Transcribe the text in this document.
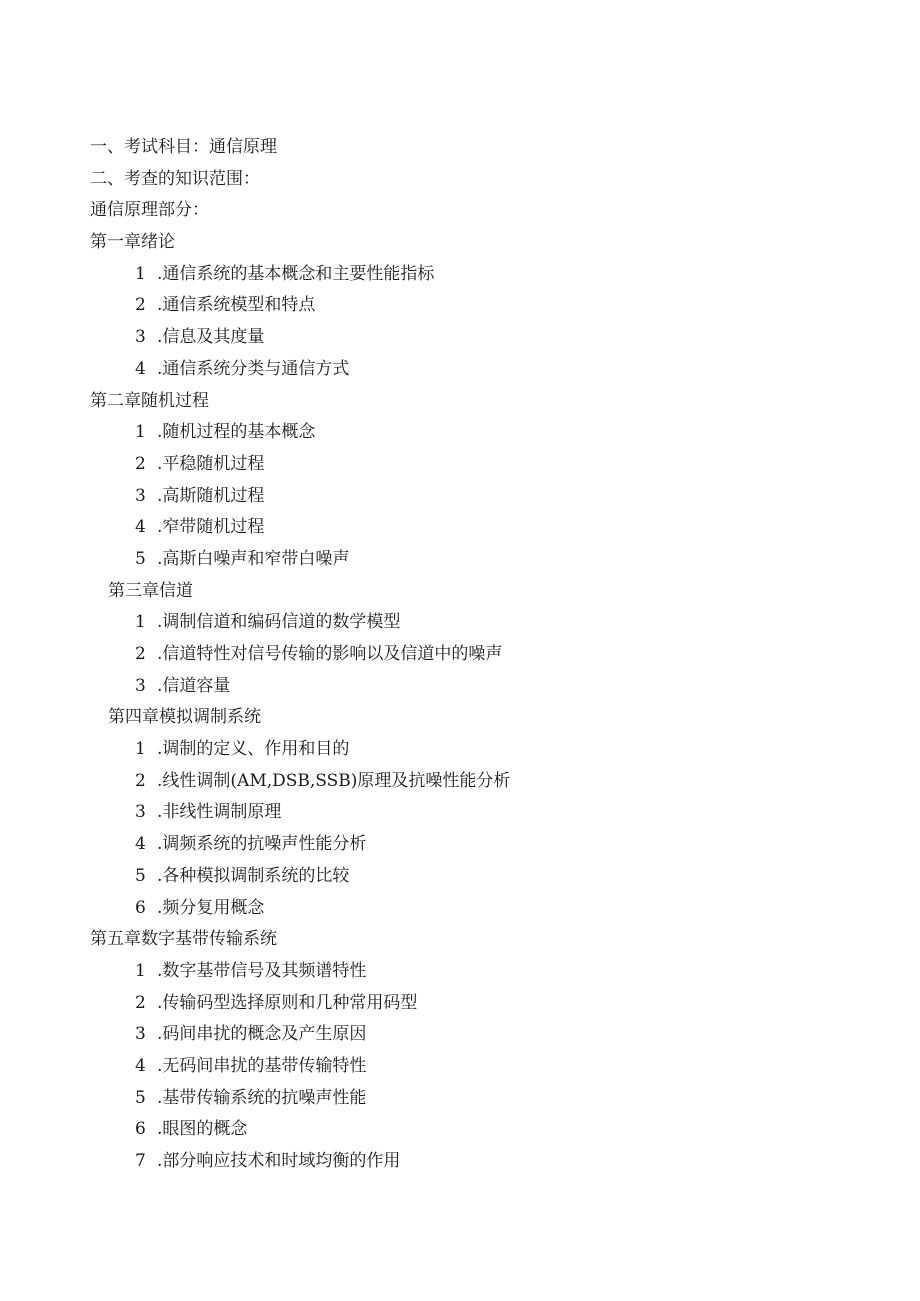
一、考试科目：通信原理
二、考查的知识范围：
通信原理部分：
第一章绪论
1 .通信系统的基本概念和主要性能指标
2 .通信系统模型和特点
3 .信息及其度量
4 .通信系统分类与通信方式
第二章随机过程
1 .随机过程的基本概念
2 .平稳随机过程
3 .高斯随机过程
4 .窄带随机过程
5 .高斯白噪声和窄带白噪声
第三章信道
1 .调制信道和编码信道的数学模型
2 .信道特性对信号传输的影响以及信道中的噪声
3 .信道容量
第四章模拟调制系统
1 .调制的定义、作用和目的
2 .线性调制(AM,DSB,SSB)原理及抗噪性能分析
3 .非线性调制原理
4 .调频系统的抗噪声性能分析
5 .各种模拟调制系统的比较
6 .频分复用概念
第五章数字基带传输系统
1 .数字基带信号及其频谱特性
2 .传输码型选择原则和几种常用码型
3 .码间串扰的概念及产生原因
4 .无码间串扰的基带传输特性
5 .基带传输系统的抗噪声性能
6 .眼图的概念
7 .部分响应技术和时域均衡的作用
